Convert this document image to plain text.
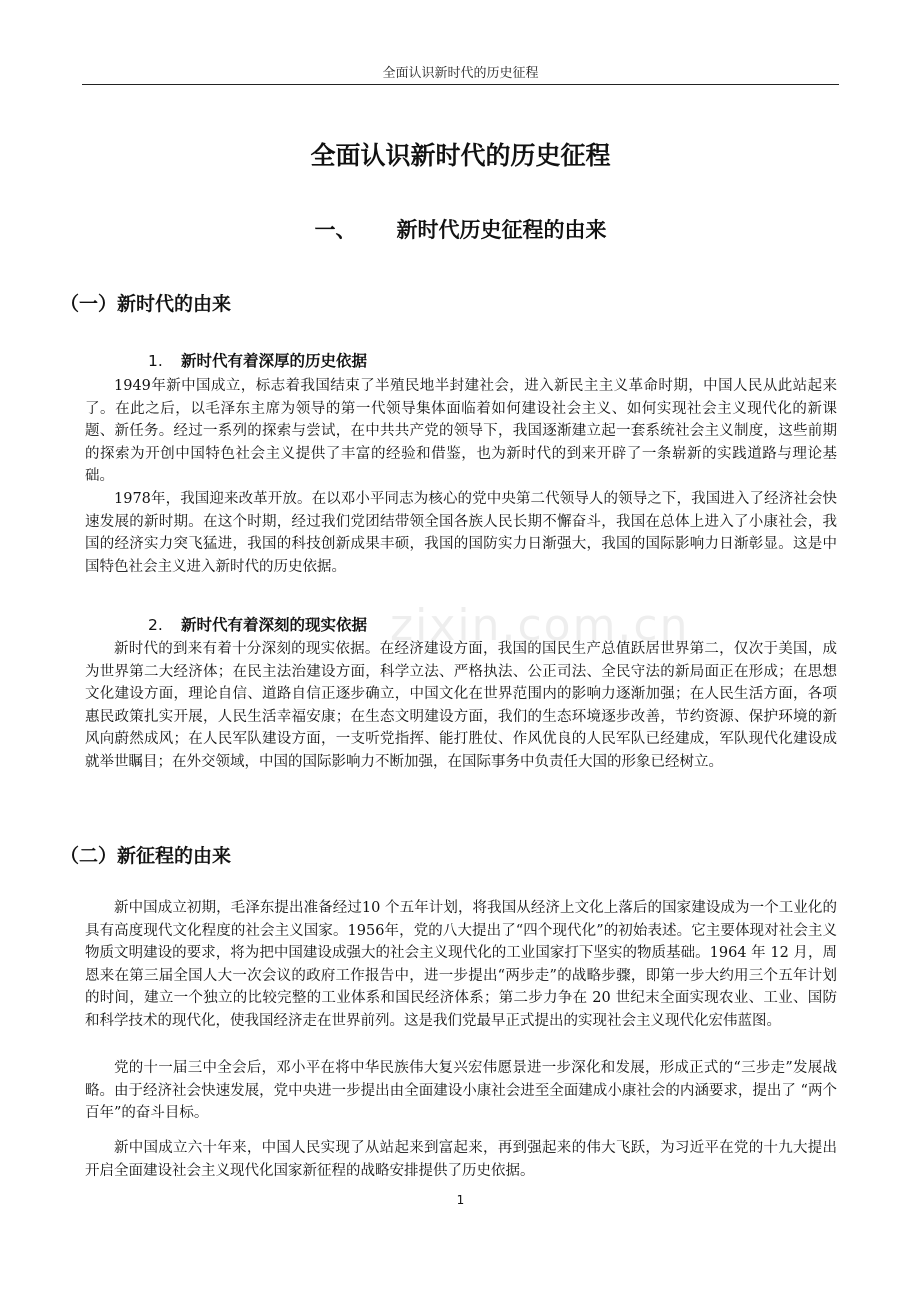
全面认识新时代的历史征程
全面认识新时代的历史征程
一、 新时代历史征程的由来
（一）新时代的由来
1. 新时代有着深厚的历史依据

1949年新中国成立，标志着我国结束了半殖民地半封建社会，进入新民主主义革命时期，中国人民从此站起来了。在此之后，以毛泽东主席为领导的第一代领导集体面临着如何建设社会主义、如何实现社会主义现代化的新课题、新任务。经过一系列的探索与尝试，在中共共产党的领导下，我国逐渐建立起一套系统社会主义制度，这些前期的探索为开创中国特色社会主义提供了丰富的经验和借鉴，也为新时代的到来开辟了一条崭新的实践道路与理论基础。

1978年，我国迎来改革开放。在以邓小平同志为核心的党中央第二代领导人的领导之下，我国进入了经济社会快速发展的新时期。在这个时期，经过我们党团结带领全国各族人民长期不懈奋斗，我国在总体上进入了小康社会，我国的经济实力突飞猛进，我国的科技创新成果丰硕，我国的国防实力日渐强大，我国的国际影响力日渐彰显。这是中国特色社会主义进入新时代的历史依据。

2. 新时代有着深刻的现实依据

新时代的到来有着十分深刻的现实依据。在经济建设方面，我国的国民生产总值跃居世界第二，仅次于美国，成为世界第二大经济体；在民主法治建设方面，科学立法、严格执法、公正司法、全民守法的新局面正在形成；在思想文化建设方面，理论自信、道路自信正逐步确立，中国文化在世界范围内的影响力逐渐加强；在人民生活方面，各项惠民政策扎实开展，人民生活幸福安康；在生态文明建设方面，我们的生态环境逐步改善，节约资源、保护环境的新风向蔚然成风；在人民军队建设方面，一支听党指挥、能打胜仗、作风优良的人民军队已经建成，军队现代化建设成就举世瞩目；在外交领域，中国的国际影响力不断加强，在国际事务中负责任大国的形象已经树立。

（二）新征程的由来

新中国成立初期，毛泽东提出准备经过10 个五年计划，将我国从经济上文化上落后的国家建设成为一个工业化的具有高度现代文化程度的社会主义国家。1956年，党的八大提出了“四个现代化”的初始表述。它主要体现对社会主义物质文明建设的要求，将为把中国建设成强大的社会主义现代化的工业国家打下坚实的物质基础。1964 年 12 月，周恩来在第三届全国人大一次会议的政府工作报告中，进一步提出“两步走”的战略步骤，即第一步大约用三个五年计划的时间，建立一个独立的比较完整的工业体系和国民经济体系；第二步力争在 20 世纪末全面实现农业、工业、国防和科学技术的现代化，使我国经济走在世界前列。这是我们党最早正式提出的实现社会主义现代化宏伟蓝图。

党的十一届三中全会后，邓小平在将中华民族伟大复兴宏伟愿景进一步深化和发展，形成正式的“三步走”发展战略。由于经济社会快速发展，党中央进一步提出由全面建设小康社会进至全面建成小康社会的内涵要求，提出了 “两个百年”的奋斗目标。

新中国成立六十年来，中国人民实现了从站起来到富起来，再到强起来的伟大飞跃，为习近平在党的十九大提出开启全面建设社会主义现代化国家新征程的战略安排提供了历史依据。

zixin.com.cn
1
